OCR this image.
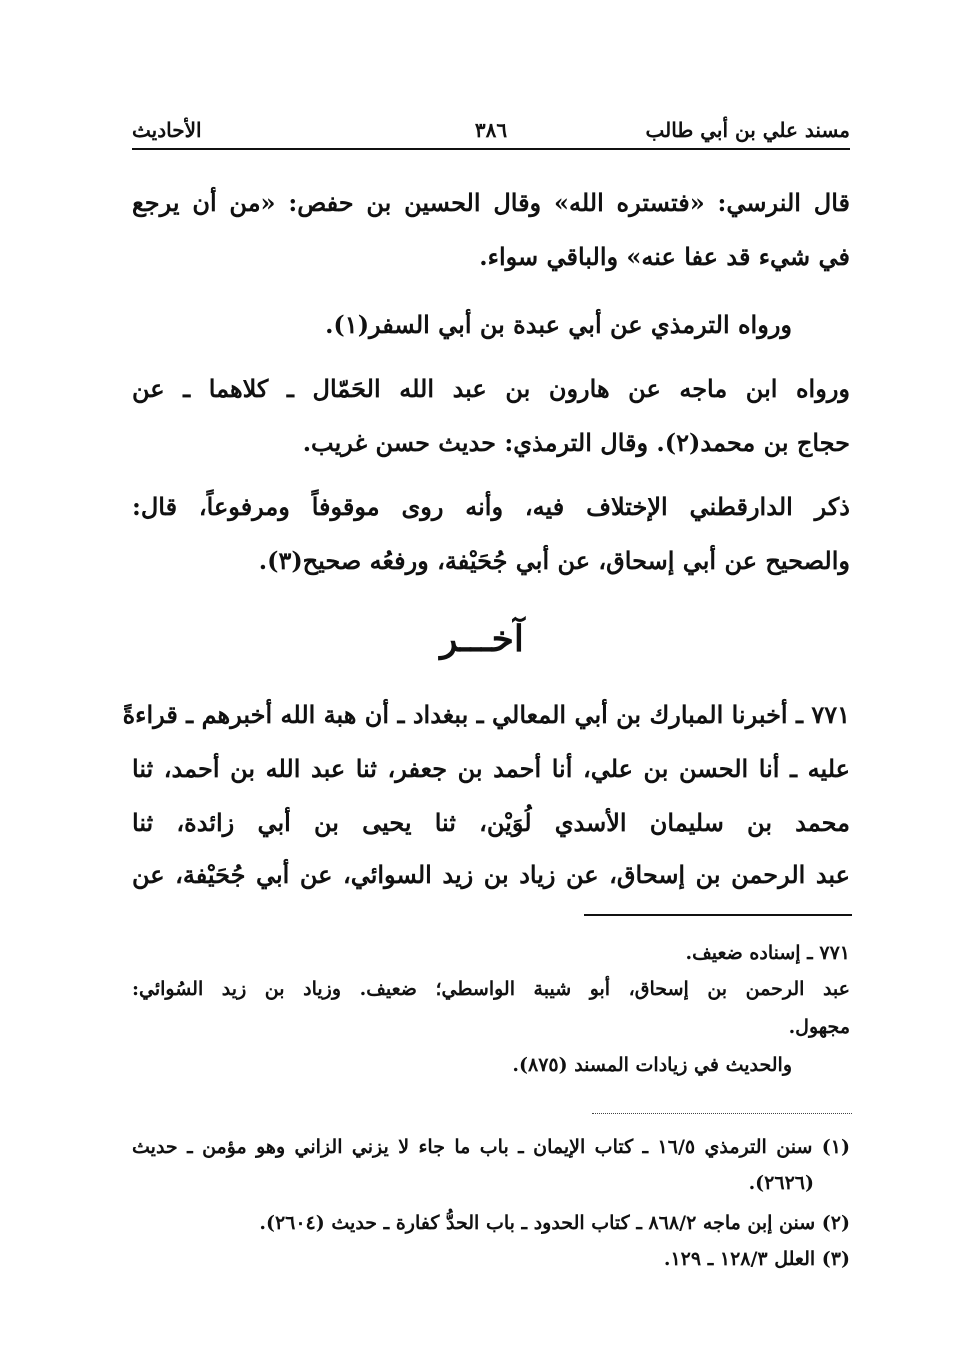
مسند علي بن أبي طالب
٣٨٦
الأحاديث
قال النرسي: «فتستره الله» وقال الحسين بن حفص: «من أن يرجع
في شيء قد عفا عنه» والباقي سواء.
ورواه الترمذي عن أبي عبدة بن أبي السفر(١).
ورواه ابن ماجه عن هارون بن عبد الله الحَمّال ـ كلاهما ـ عن
حجاج بن محمد(٢). وقال الترمذي: حديث حسن غريب.
ذكر الدارقطني الإختلاف فيه، وأنه روى موقوفاً ومرفوعاً، قال:
والصحيح عن أبي إسحاق، عن أبي جُحَيْفة، ورفعُه صحيح(٣).
آخـــر
٧٧١ ـ أخبرنا المبارك بن أبي المعالي ـ ببغداد ـ أن هبة الله أخبرهم ـ قراءةً
عليه ـ أنا الحسن بن علي، أنا أحمد بن جعفر، ثنا عبد الله بن أحمد، ثنا
محمد بن سليمان الأسدي لُوَيْن، ثنا يحيى بن أبي زائدة، ثنا
عبد الرحمن بن إسحاق، عن زياد بن زيد السوائي، عن أبي جُحَيْفة، عن
٧٧١ ـ إسناده ضعيف.
عبد الرحمن بن إسحاق، أبو شيبة الواسطي؛ ضعيف. وزياد بن زيد السُوائي:
مجهول.
والحديث في زيادات المسند (٨٧٥).
(١) سنن الترمذي ١٦/٥ ـ كتاب الإيمان ـ باب ما جاء لا يزني الزاني وهو مؤمن ـ حديث
(٢٦٢٦).
(٢) سنن إبن ماجه ٨٦٨/٢ ـ كتاب الحدود ـ باب الحدُّ كفارة ـ حديث (٢٦٠٤).
(٣) العلل ١٢٨/٣ ـ ١٢٩.
